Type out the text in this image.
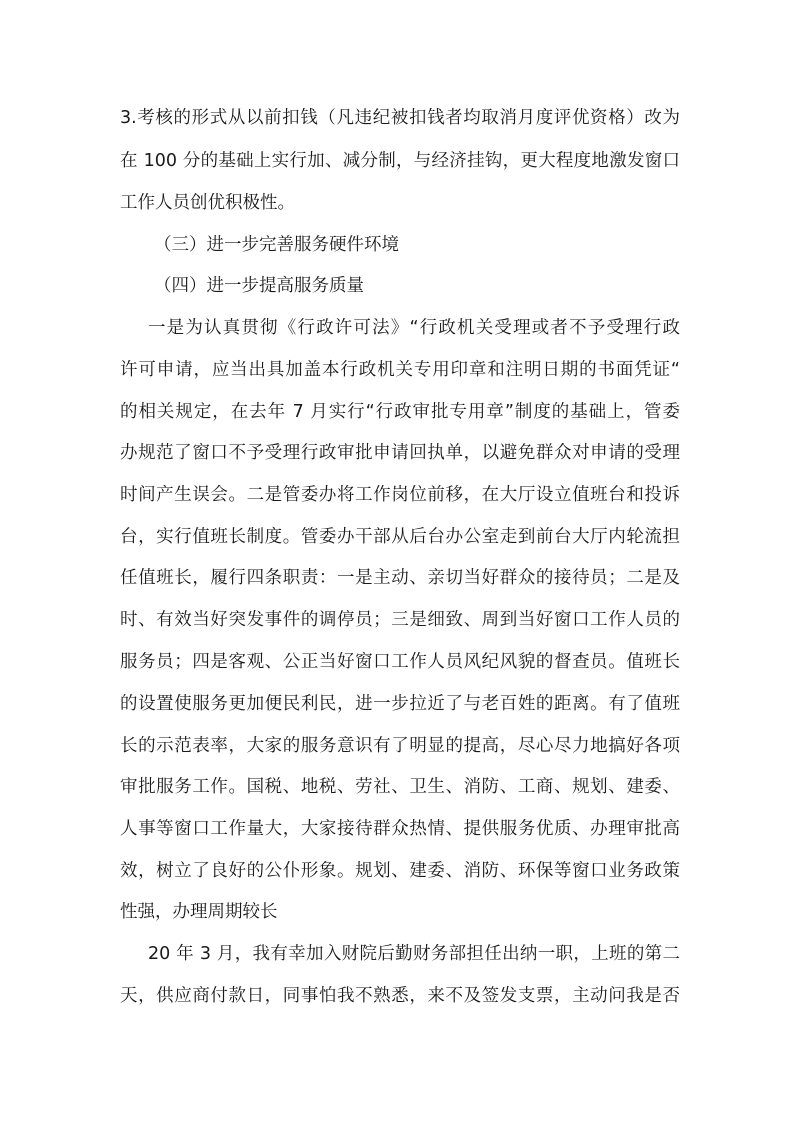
3.考核的形式从以前扣钱（凡违纪被扣钱者均取消月度评优资格）改为
在 100 分的基础上实行加、减分制，与经济挂钩，更大程度地激发窗口
工作人员创优积极性。
（三）进一步完善服务硬件环境
（四）进一步提高服务质量
一是为认真贯彻《行政许可法》“行政机关受理或者不予受理行政
许可申请，应当出具加盖本行政机关专用印章和注明日期的书面凭证“
的相关规定，在去年 7 月实行“行政审批专用章”制度的基础上，管委
办规范了窗口不予受理行政审批申请回执单，以避免群众对申请的受理
时间产生误会。二是管委办将工作岗位前移，在大厅设立值班台和投诉
台，实行值班长制度。管委办干部从后台办公室走到前台大厅内轮流担
任值班长，履行四条职责：一是主动、亲切当好群众的接待员；二是及
时、有效当好突发事件的调停员；三是细致、周到当好窗口工作人员的
服务员；四是客观、公正当好窗口工作人员风纪风貌的督查员。值班长
的设置使服务更加便民利民，进一步拉近了与老百姓的距离。有了值班
长的示范表率，大家的服务意识有了明显的提高，尽心尽力地搞好各项
审批服务工作。国税、地税、劳社、卫生、消防、工商、规划、建委、
人事等窗口工作量大，大家接待群众热情、提供服务优质、办理审批高
效，树立了良好的公仆形象。规划、建委、消防、环保等窗口业务政策
性强，办理周期较长
20 年 3 月，我有幸加入财院后勤财务部担任出纳一职，上班的第二
天，供应商付款日，同事怕我不熟悉，来不及签发支票，主动问我是否
